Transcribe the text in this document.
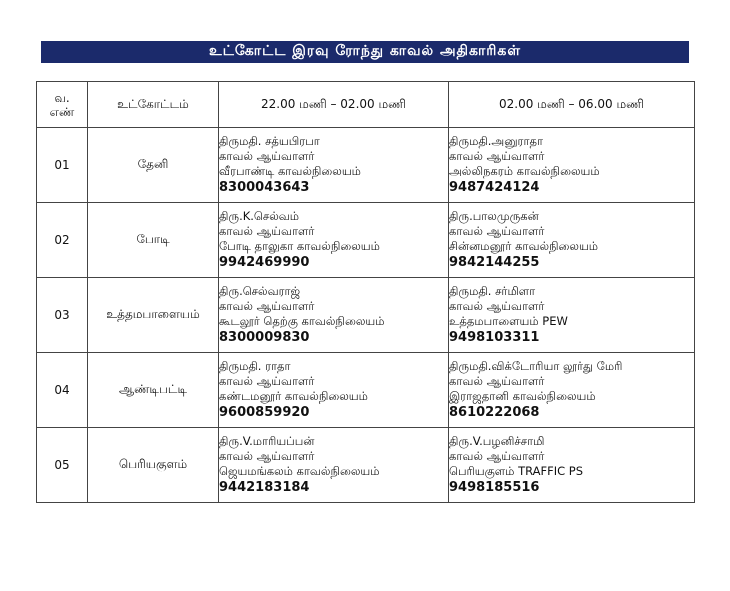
உட்கோட்ட இரவு ரோந்து காவல் அதிகாரிகள்
வ.
எண்	உட்கோட்டம்	22.00 மணி – 02.00 மணி	02.00 மணி – 06.00 மணி
01	தேனி	திருமதி. சத்யபிரபா
காவல் ஆய்வாளர்
வீரபாண்டி காவல்நிலையம்
8300043643	திருமதி.அனுராதா
காவல் ஆய்வாளர்
அல்லிநகரம் காவல்நிலையம்
9487424124

02	போடி	திரு.K.செல்வம்
காவல் ஆய்வாளர்
போடி தாலுகா காவல்நிலையம்
9942469990	திரு.பாலமுருகன்
காவல் ஆய்வாளர்
சின்னமனூர் காவல்நிலையம்
9842144255

03	உத்தமபாளையம்	திரு.செல்வராஜ்
காவல் ஆய்வாளர்
கூடலூர் தெற்கு காவல்நிலையம்
8300009830	திருமதி. சர்மிளா
காவல் ஆய்வாளர்
உத்தமபாளையம் PEW
9498103311

04	ஆண்டிபட்டி	திருமதி. ராதா
காவல் ஆய்வாளர்
கண்டமனூர் காவல்நிலையம்
9600859920	திருமதி.விக்டோரியா லூர்து மேரி
காவல் ஆய்வாளர்
இராஜதானி காவல்நிலையம்
8610222068

05	பெரியகுளம்	திரு.V.மாரியப்பன்
காவல் ஆய்வாளர்
ஜெயமங்கலம் காவல்நிலையம்
9442183184	திரு.V.பழனிச்சாமி
காவல் ஆய்வாளர்
பெரியகுளம் TRAFFIC PS
9498185516
